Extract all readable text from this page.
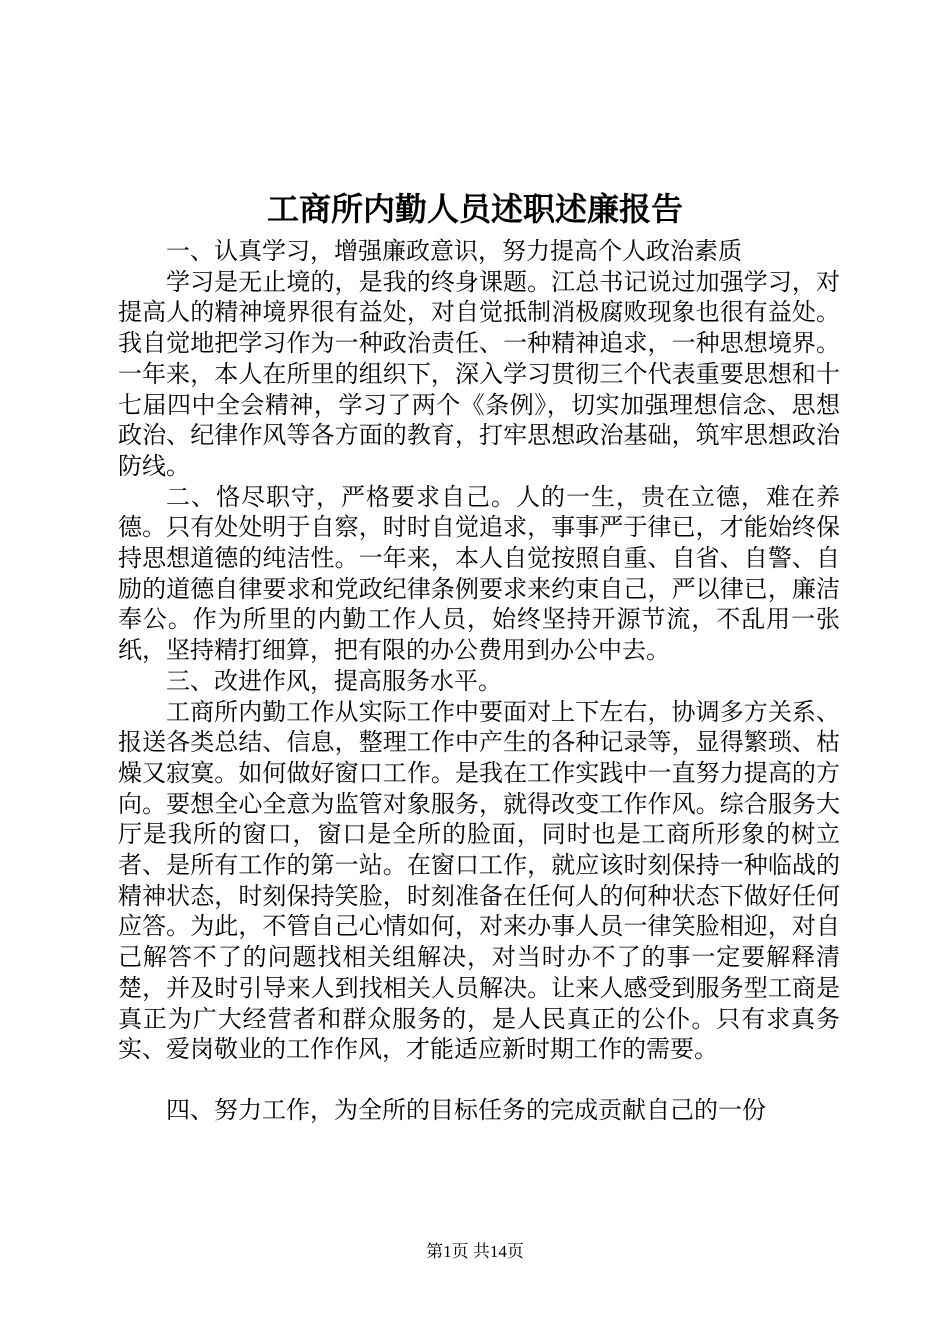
工商所内勤人员述职述廉报告

一、认真学习，增强廉政意识，努力提高个人政治素质

学习是无止境的，是我的终身课题。江总书记说过加强学习，对提高人的精神境界很有益处，对自觉抵制消极腐败现象也很有益处。我自觉地把学习作为一种政治责任、一种精神追求，一种思想境界。一年来，本人在所里的组织下，深入学习贯彻三个代表重要思想和十七届四中全会精神，学习了两个《条例》，切实加强理想信念、思想政治、纪律作风等各方面的教育，打牢思想政治基础，筑牢思想政治防线。

二、恪尽职守，严格要求自己。人的一生，贵在立德，难在养德。只有处处明于自察，时时自觉追求，事事严于律已，才能始终保持思想道德的纯洁性。一年来，本人自觉按照自重、自省、自警、自励的道德自律要求和党政纪律条例要求来约束自己，严以律已，廉洁奉公。作为所里的内勤工作人员，始终坚持开源节流，不乱用一张纸，坚持精打细算，把有限的办公费用到办公中去。

三、改进作风，提高服务水平。

工商所内勤工作从实际工作中要面对上下左右，协调多方关系、报送各类总结、信息，整理工作中产生的各种记录等，显得繁琐、枯燥又寂寞。如何做好窗口工作。是我在工作实践中一直努力提高的方向。要想全心全意为监管对象服务，就得改变工作作风。综合服务大厅是我所的窗口，窗口是全所的脸面，同时也是工商所形象的树立者、是所有工作的第一站。在窗口工作，就应该时刻保持一种临战的精神状态，时刻保持笑脸，时刻准备在任何人的何种状态下做好任何应答。为此，不管自己心情如何，对来办事人员一律笑脸相迎，对自己解答不了的问题找相关组解决，对当时办不了的事一定要解释清楚，并及时引导来人到找相关人员解决。让来人感受到服务型工商是真正为广大经营者和群众服务的，是人民真正的公仆。只有求真务实、爱岗敬业的工作作风，才能适应新时期工作的需要。

四、努力工作，为全所的目标任务的完成贡献自己的一份

第1页 共14页
